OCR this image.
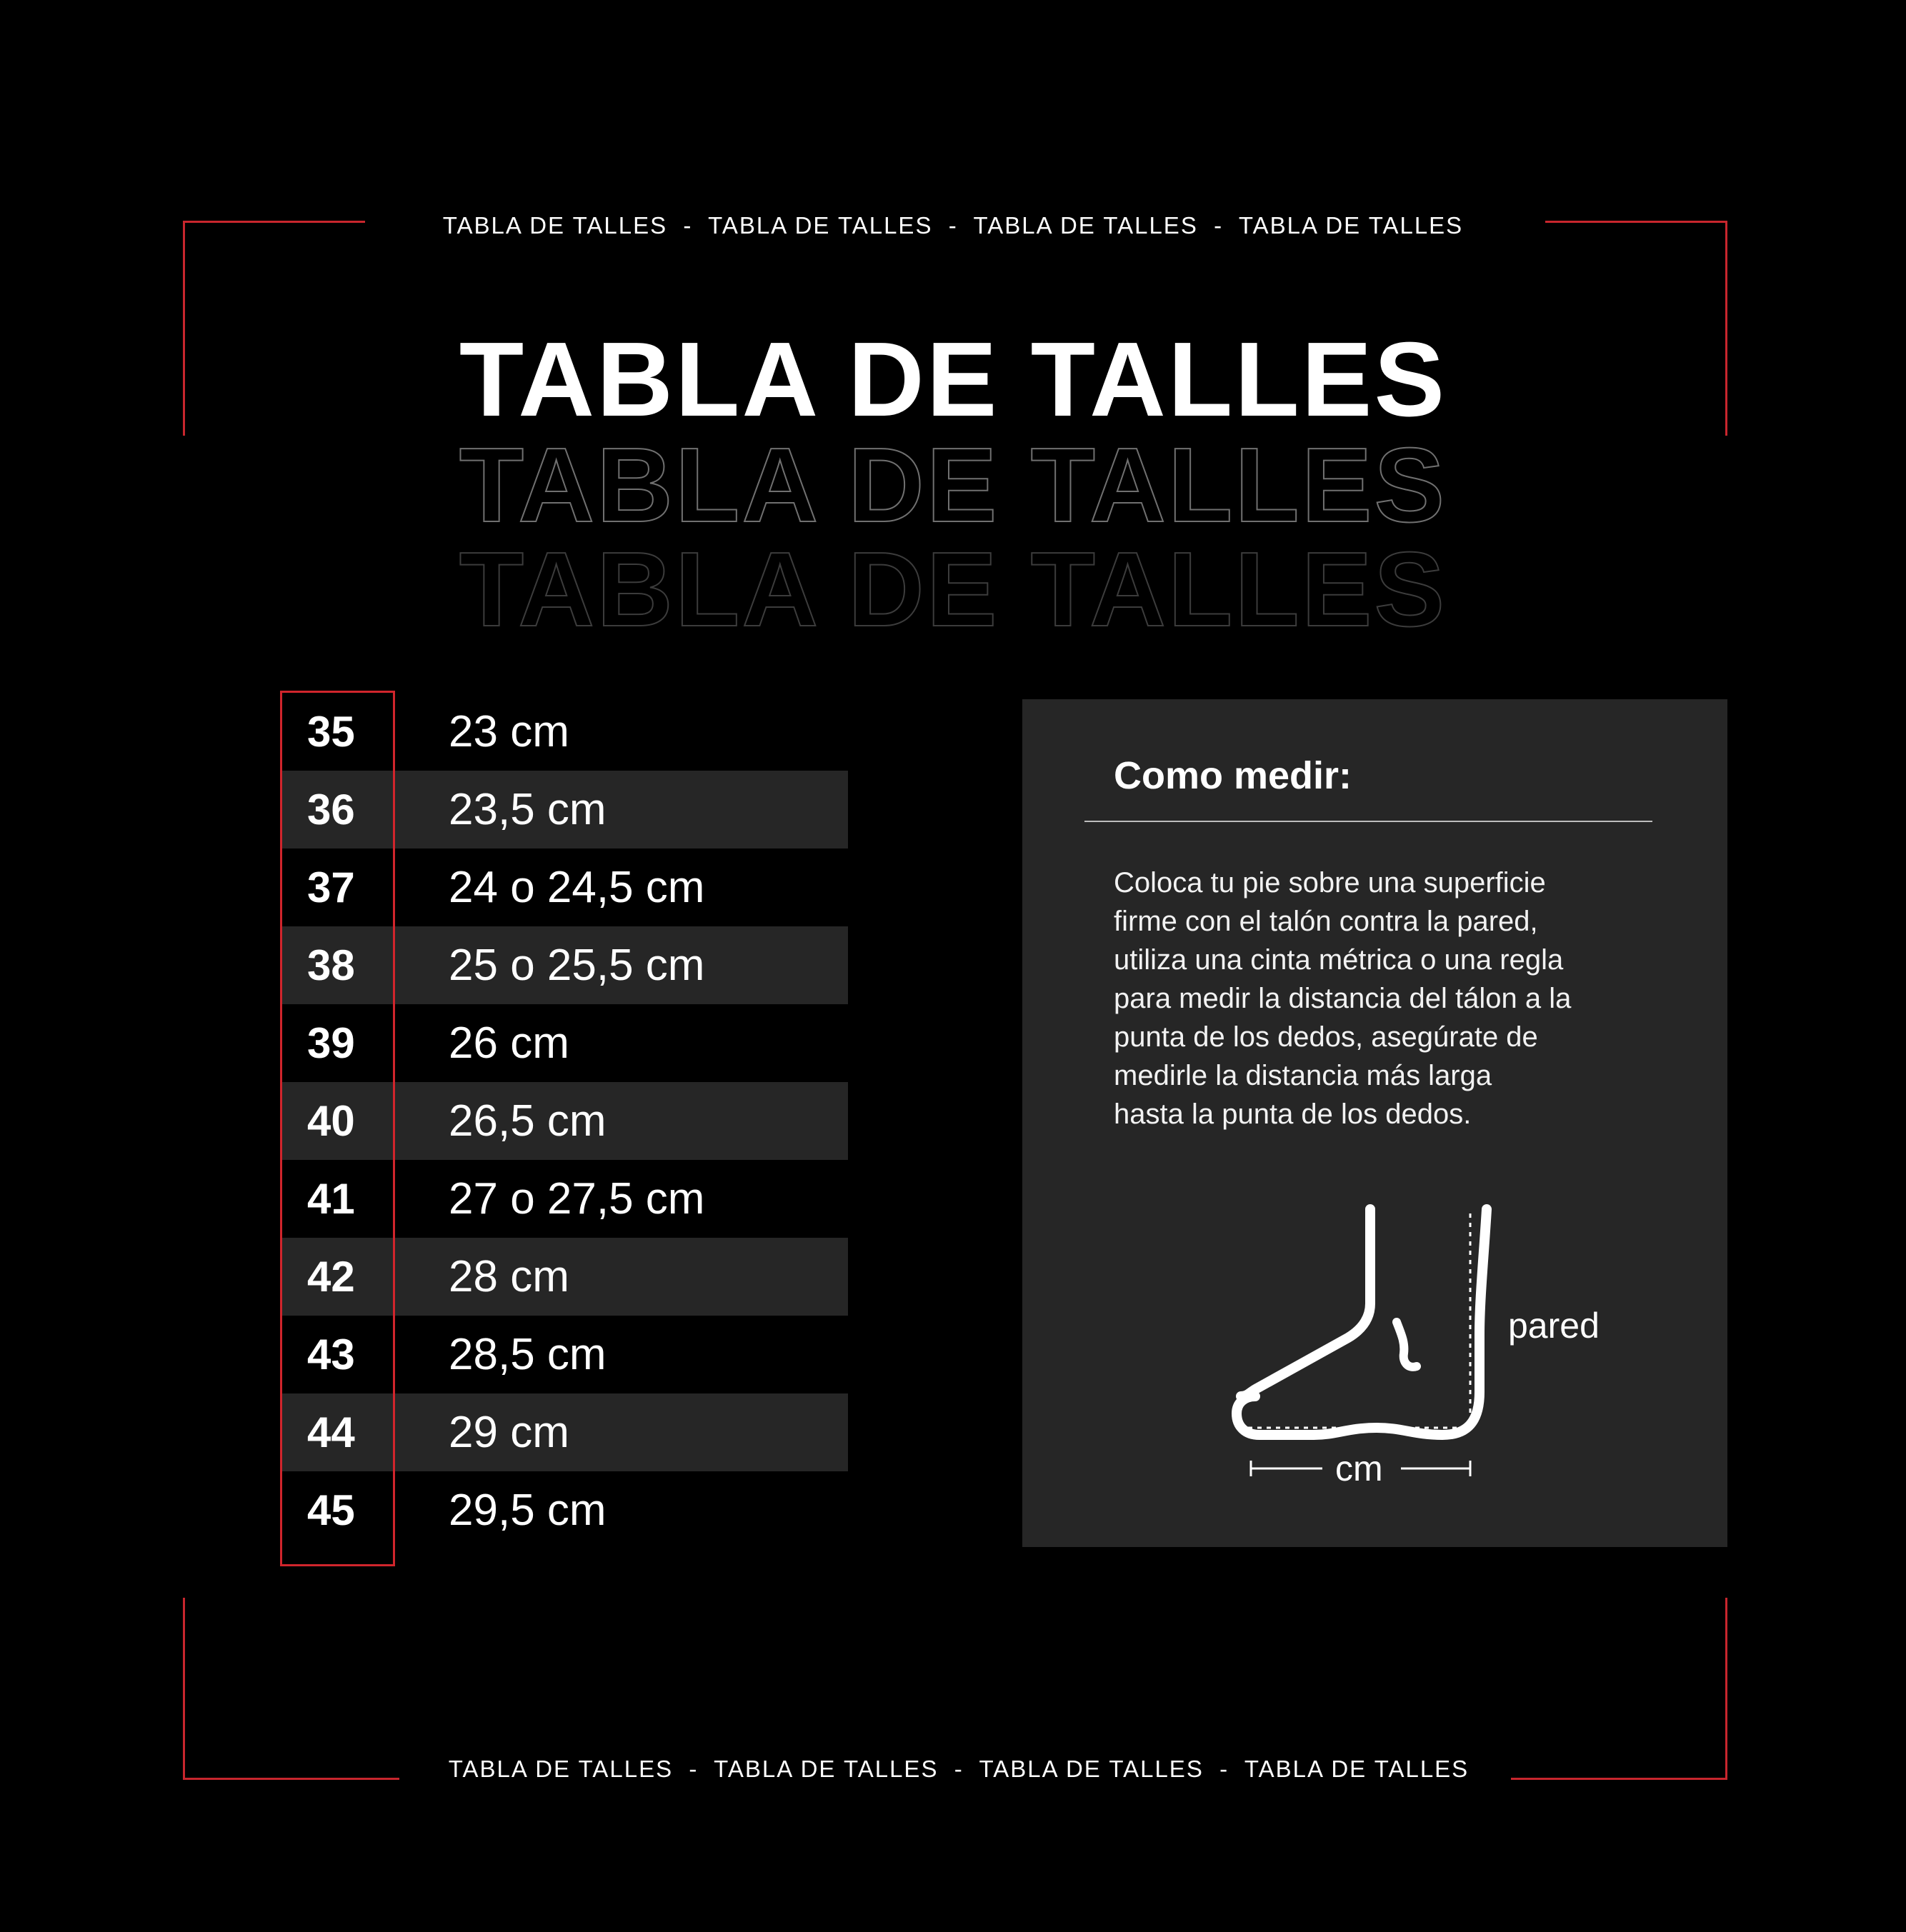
TABLA DE TALLES  -  TABLA DE TALLES  -  TABLA DE TALLES  -  TABLA DE TALLES
TABLA DE TALLES
TABLA DE TALLES
TABLA DE TALLES
35	23 cm
36	23,5 cm
37	24 o 24,5 cm
38	25 o 25,5 cm
39	26 cm
40	26,5 cm
41	27 o 27,5 cm
42	28 cm
43	28,5 cm
44	29 cm
45	29,5 cm
Como medir:
Coloca tu pie sobre una superficie
firme con el talón contra la pared,
utiliza una cinta métrica o una regla
para medir la distancia del tálon a la
punta de los dedos, asegúrate de
medirle la distancia más larga
hasta la punta de los dedos.
pared
cm
TABLA DE TALLES  -  TABLA DE TALLES  -  TABLA DE TALLES  -  TABLA DE TALLES
